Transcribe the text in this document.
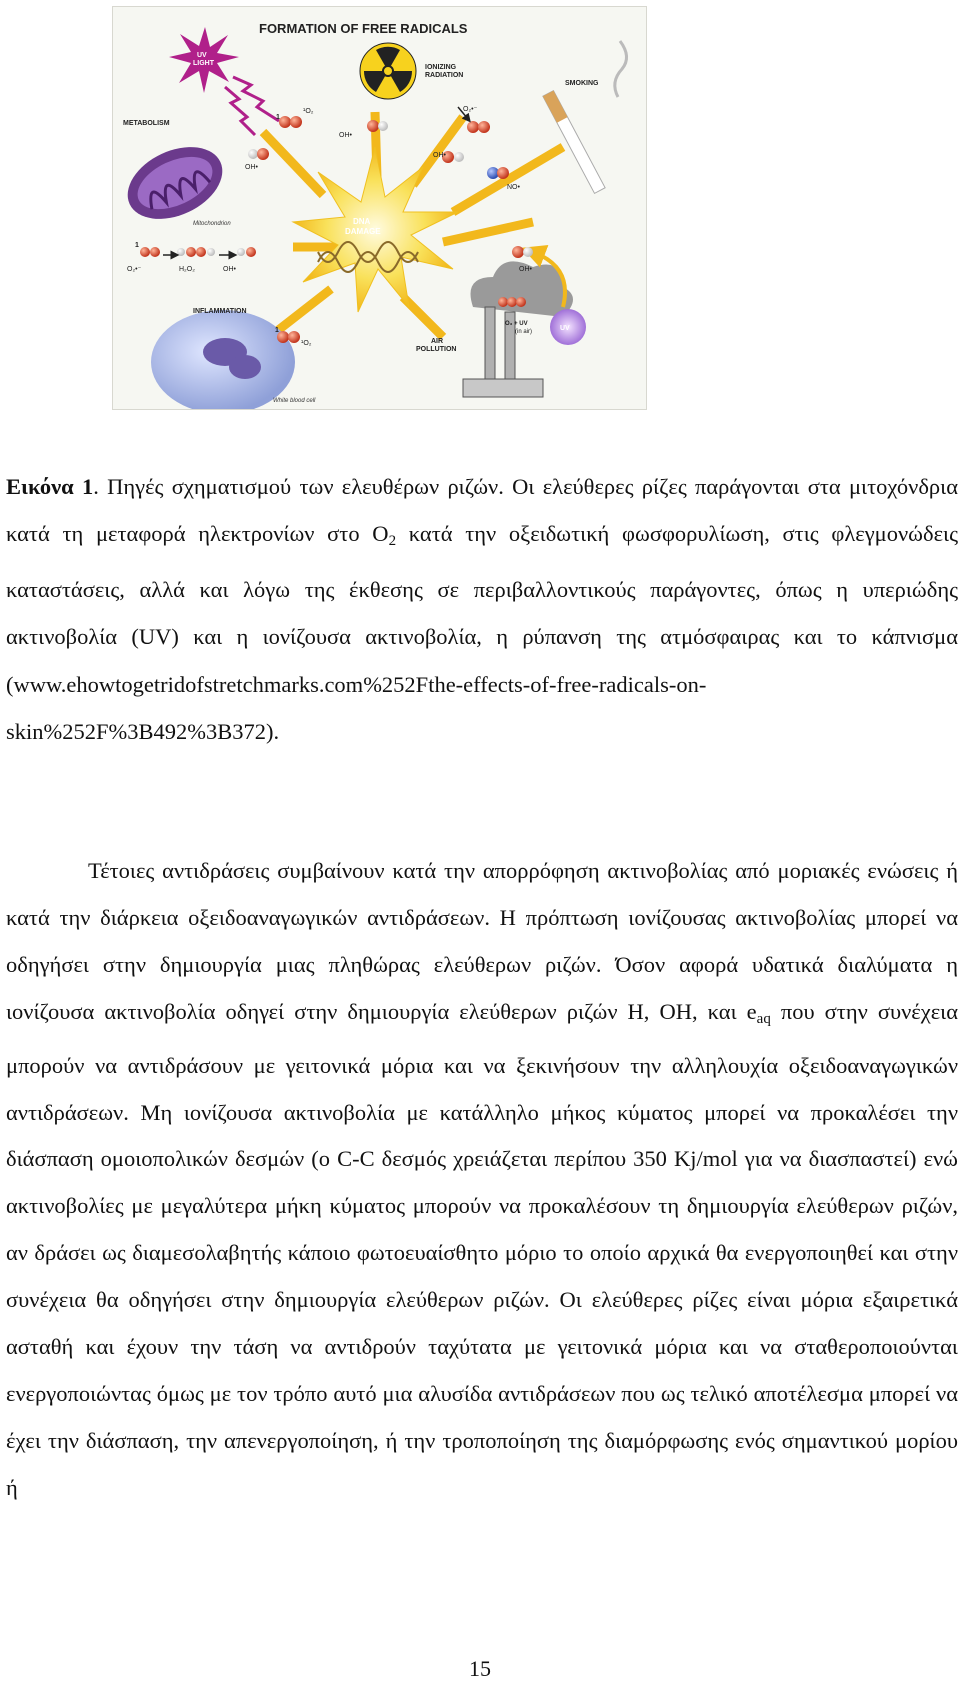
FORMATION OF FREE RADICALS
DNA
DAMAGE
UV
LIGHT
IONIZING
RADIATION
SMOKING
METABOLISM
Mitochondrion
INFLAMMATION
White blood cell
AIR
POLLUTION
UV
O₃ + UV
(in air)
¹O₂
¹O₂
OH•
OH•
OH•
OH•	OH•
NO•
O₂•⁻
O₂•⁻	H₂O₂
1
1
1
Εικόνα 1. Πηγές σχηματισμού των ελευθέρων ριζών. Οι ελεύθερες ρίζες παράγονται στα μιτοχόνδρια κατά τη μεταφορά ηλεκτρονίων στο $O_2$ κατά την οξειδωτική φωσφορυλίωση, στις φλεγμονώδεις καταστάσεις, αλλά και λόγω της έκθεσης σε περιβαλλοντικούς παράγοντες, όπως η υπεριώδης ακτινοβολία (UV) και η ιονίζουσα ακτινοβολία, η ρύπανση της ατμόσφαιρας και το κάπνισμα (www.ehowtogetridofstretchmarks.com%252Fthe-effects-of-free-radicals-on-skin%252F%3B492%3B372).
Τέτοιες αντιδράσεις συμβαίνουν κατά την απορρόφηση ακτινοβολίας από μοριακές ενώσεις ή κατά την διάρκεια οξειδοαναγωγικών αντιδράσεων. Η πρόπτωση ιονίζουσας ακτινοβολίας μπορεί να οδηγήσει στην δημιουργία μιας πληθώρας ελεύθερων ριζών. Όσον αφορά υδατικά διαλύματα η ιονίζουσα ακτινοβολία οδηγεί στην δημιουργία ελεύθερων ριζών H, OH, και $e_{aq}$ που στην συνέχεια μπορούν να αντιδράσουν με γειτονικά μόρια και να ξεκινήσουν την αλληλουχία οξειδοαναγωγικών αντιδράσεων. Μη ιονίζουσα ακτινοβολία με κατάλληλο μήκος κύματος μπορεί να προκαλέσει την διάσπαση ομοιοπολικών δεσμών (ο C-C δεσμός χρειάζεται περίπου 350 Kj/mol για να διασπαστεί) ενώ ακτινοβολίες με μεγαλύτερα μήκη κύματος μπορούν να προκαλέσουν τη δημιουργία ελεύθερων ριζών, αν δράσει ως διαμεσολαβητής κάποιο φωτοευαίσθητο μόριο το οποίο αρχικά θα ενεργοποιηθεί και στην συνέχεια θα οδηγήσει στην δημιουργία ελεύθερων ριζών. Οι ελεύθερες ρίζες είναι μόρια εξαιρετικά ασταθή και έχουν την τάση να αντιδρούν ταχύτατα με γειτονικά μόρια και να σταθεροποιούνται ενεργοποιώντας όμως με τον τρόπο αυτό μια αλυσίδα αντιδράσεων που ως τελικό αποτέλεσμα μπορεί να έχει την διάσπαση, την απενεργοποίηση, ή την τροποποίηση της διαμόρφωσης ενός σημαντικού μορίου ή
15
